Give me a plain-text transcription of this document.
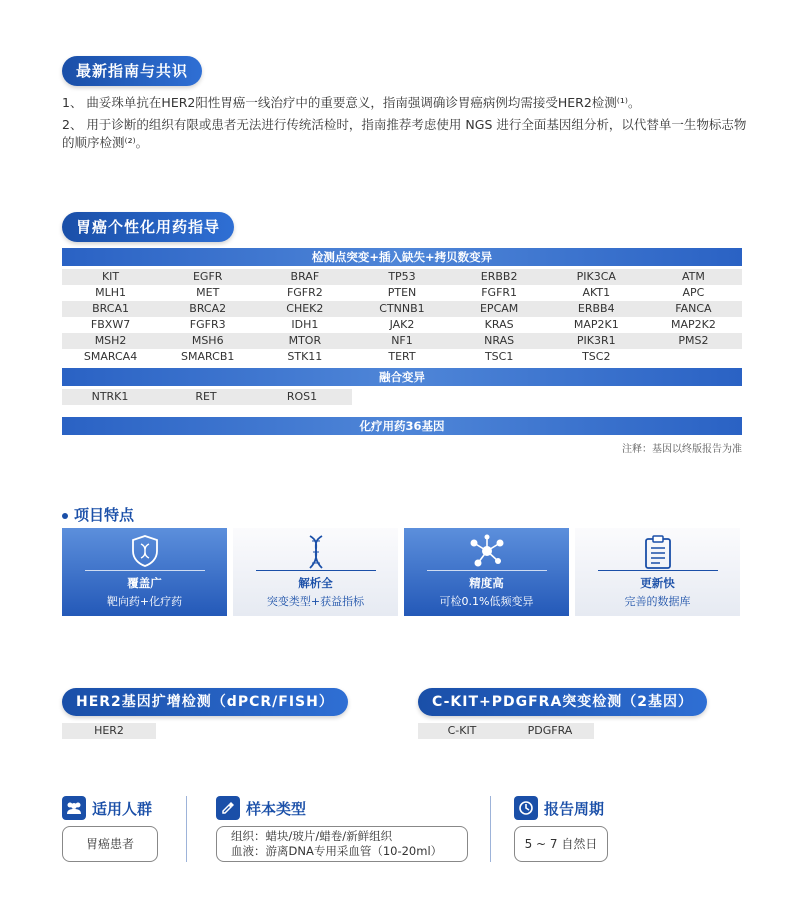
最新指南与共识
1、 曲妥珠单抗在HER2阳性胃癌一线治疗中的重要意义，指南强调确诊胃癌病例均需接受HER2检测⁽¹⁾。
2、 用于诊断的组织有限或患者无法进行传统活检时，指南推荐考虑使用 NGS 进行全面基因组分析，以代替单一生物标志物的顺序检测⁽²⁾。
胃癌个性化用药指导
检测点突变+插入缺失+拷贝数变异
KIT	EGFR	BRAF	TP53	ERBB2	PIK3CA	ATM
MLH1	MET	FGFR2	PTEN	FGFR1	AKT1	APC
BRCA1	BRCA2	CHEK2	CTNNB1	EPCAM	ERBB4	FANCA
FBXW7	FGFR3	IDH1	JAK2	KRAS	MAP2K1	MAP2K2
MSH2	MSH6	MTOR	NF1	NRAS	PIK3R1	PMS2
SMARCA4	SMARCB1	STK11	TERT	TSC1	TSC2
融合变异
NTRK1	RET	ROS1
化疗用药36基因
注释：基因以终版报告为准
项目特点
覆盖广
靶向药+化疗药
解析全
突变类型+获益指标
精度高
可检0.1%低频变异
更新快
完善的数据库
HER2基因扩增检测（dPCR/FISH）
HER2
C-KIT+PDGFRA突变检测（2基因）
C-KIT	PDGFRA
适用人群
胃癌患者
样本类型
组织：蜡块/玻片/蜡卷/新鲜组织
血液：游离DNA专用采血管（10-20ml）
报告周期
5 ~ 7 自然日
